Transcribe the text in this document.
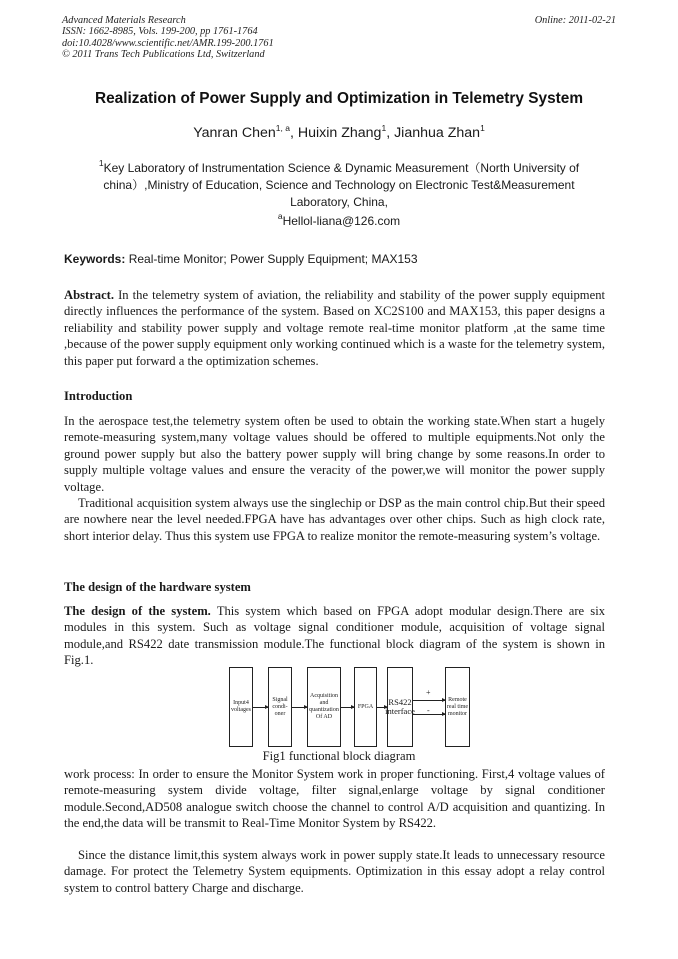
Advanced Materials Research
ISSN: 1662-8985, Vols. 199-200, pp 1761-1764
doi:10.4028/www.scientific.net/AMR.199-200.1761
© 2011 Trans Tech Publications Ltd, Switzerland
Online: 2011-02-21
Realization of Power Supply and Optimization in Telemetry System
Yanran Chen$^{1, a}$, Huixin Zhang$^1$, Jianhua Zhan$^1$
$^1$Key Laboratory of Instrumentation Science & Dynamic Measurement（North University of china）,Ministry of Education, Science and Technology on Electronic Test&Measurement Laboratory, China,
$^a$Hellol-liana@126.com
Keywords: Real-time Monitor; Power Supply Equipment; MAX153
Abstract. In the telemetry system of aviation, the reliability and stability of the power supply equipment directly influences the performance of the system. Based on XC2S100 and MAX153, this paper designs a reliability and stability power supply and voltage remote real-time monitor platform ,at the same time ,because of the power supply equipment only working continued which is a waste for the telemetry system, this paper put forward a the optimization schemes.
Introduction
In the aerospace test,the telemetry system often be used to obtain the working state.When start a hugely remote-measuring system,many voltage values should be offered to multiple equipments.Not only the ground power supply but also the battery power supply will bring change by some reasons.In order to supply multiple voltage values and ensure the veracity of the power,we will monitor the power supply voltage.
Traditional acquisition system always use the singlechip or DSP as the main control chip.But their speed are nowhere near the level needed.FPGA have has advantages over other chips. Such as high clock rate, short interior delay. Thus this system use FPGA to realize monitor the remote-measuring system’s voltage.
The design of the hardware system
The design of the system. This system which based on FPGA adopt modular design.There are six modules in this system. Such as voltage signal conditioner module, acquisition of voltage signal module,and RS422 date transmission module.The functional block diagram of the system is shown in Fig.1.
Input4 voltages
Signal condi-oner
Acquisition and quantization Of AD
FPGA	RS422 interface
+
-
Remote real time monitor
Fig1 functional block diagram
work process: In order to ensure the Monitor System work in proper functioning. First,4 voltage values of remote-measuring system divide voltage, filter signal,enlarge voltage by signal conditioner module.Second,AD508 analogue switch choose the channel to control A/D acquisition and quantizing. In the end,the data will be transmit to Real-Time Monitor System by RS422.
Since the distance limit,this system always work in power supply state.It leads to unnecessary resource damage. For protect the Telemetry System equipments. Optimization in this essay adopt a relay control system to control battery Charge and discharge.
